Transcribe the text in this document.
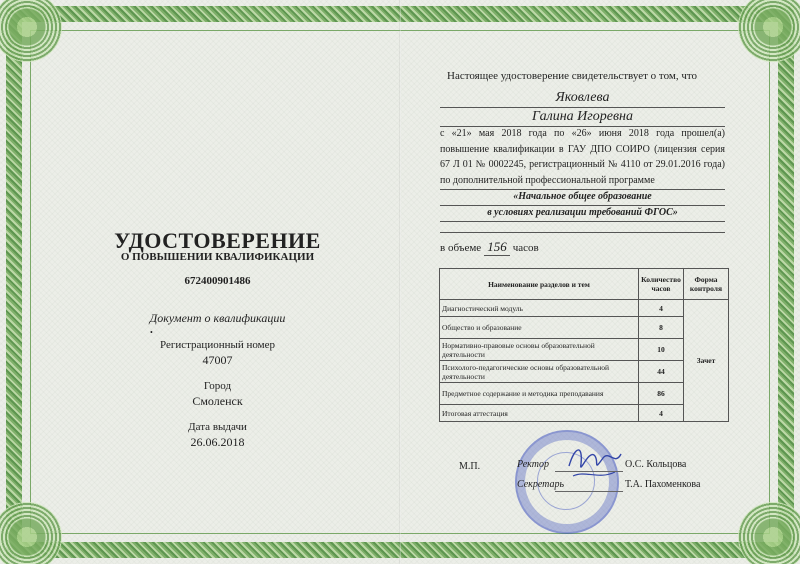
УДОСТОВЕРЕНИЕ
О ПОВЫШЕНИИ КВАЛИФИКАЦИИ
672400901486
Документ о квалификации
•
Регистрационный номер
47007
Город
Смоленск
Дата выдачи
26.06.2018
Настоящее удостоверение свидетельствует о том, что
Яковлева
Галина Игоревна
с «21» мая 2018 года по «26» июня 2018 года прошел(а) повышение квалификации в ГАУ ДПО СОИРО (лицензия серия 67 Л 01 № 0002245, регистрационный № 4110 от 29.01.2016 года) по дополнительной профессиональной программе
«Начальное общее образование
в условиях реализации требований ФГОС»
в объеме 156 часов
Наименование разделов и тем	Количество часов	Форма контроля
Диагностический модуль	4	Зачет
Общество и образование	8	
Нормативно-правовые основы образовательной деятельности	10	
Психолого-педагогические основы образовательной деятельности	44	
Предметное содержание и методика преподавания	86	
Итоговая аттестация	4	
М.П.	Ректор	О.С. Кольцова
Секретарь	Т.А. Пахоменкова
